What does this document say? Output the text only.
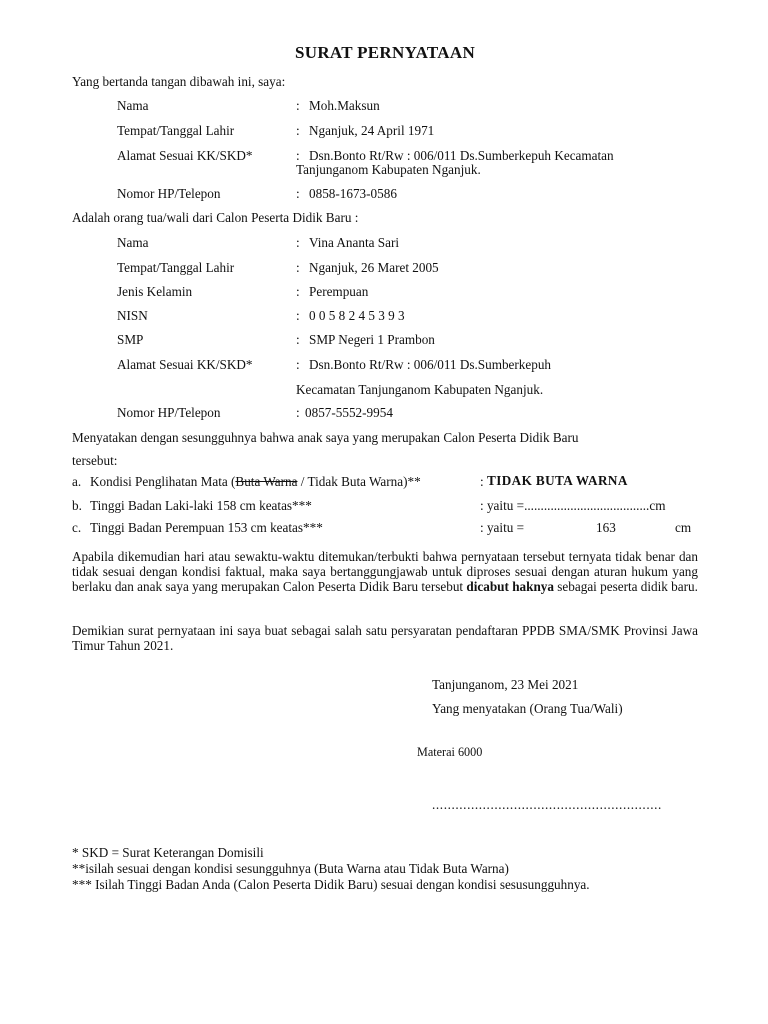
SURAT PERNYATAAN
Yang bertanda tangan dibawah ini, saya:
Nama	: Moh.Maksun
Tempat/Tanggal Lahir	: Nganjuk, 24 April 1971
Alamat Sesuai KK/SKD*	: Dsn.Bonto Rt/Rw : 006/011 Ds.Sumberkepuh Kecamatan
Tanjunganom Kabupaten Nganjuk.
Nomor HP/Telepon	: 0858-1673-0586
Adalah orang tua/wali dari Calon Peserta Didik Baru :
Nama	: Vina Ananta Sari
Tempat/Tanggal Lahir	: Nganjuk, 26 Maret 2005
Jenis Kelamin	: Perempuan
NISN	: 0 0 5 8 2 4 5 3 9 3
SMP	: SMP Negeri 1 Prambon
Alamat Sesuai KK/SKD*	: Dsn.Bonto Rt/Rw : 006/011 Ds.Sumberkepuh
Kecamatan Tanjunganom Kabupaten Nganjuk.
Nomor HP/Telepon	: 0857-5552-9954
Menyatakan dengan sesungguhnya bahwa anak saya yang merupakan Calon Peserta Didik Baru
tersebut:
a. Kondisi Penglihatan Mata (Buta Warna / Tidak Buta Warna)**	: TIDAK BUTA WARNA
b. Tinggi Badan Laki-laki 158 cm keatas***	: yaitu =......................................cm
c. Tinggi Badan Perempuan 153 cm keatas***	: yaitu =	163	cm
Apabila dikemudian hari atau sewaktu-waktu ditemukan/terbukti bahwa pernyataan tersebut ternyata tidak benar dan tidak sesuai dengan kondisi faktual, maka saya bertanggungjawab untuk diproses sesuai dengan aturan hukum yang berlaku dan anak saya yang merupakan Calon Peserta Didik Baru tersebut dicabut haknya sebagai peserta didik baru.
Demikian surat pernyataan ini saya buat sebagai salah satu persyaratan pendaftaran PPDB SMA/SMK Provinsi Jawa Timur Tahun 2021.
Tanjunganom, 23 Mei 2021
Yang menyatakan (Orang Tua/Wali)
Materai 6000
...........................................................
* SKD = Surat Keterangan Domisili
**isilah sesuai dengan kondisi sesungguhnya (Buta Warna atau Tidak Buta Warna)
*** Isilah Tinggi Badan Anda (Calon Peserta Didik Baru) sesuai dengan kondisi sesusungguhnya.
